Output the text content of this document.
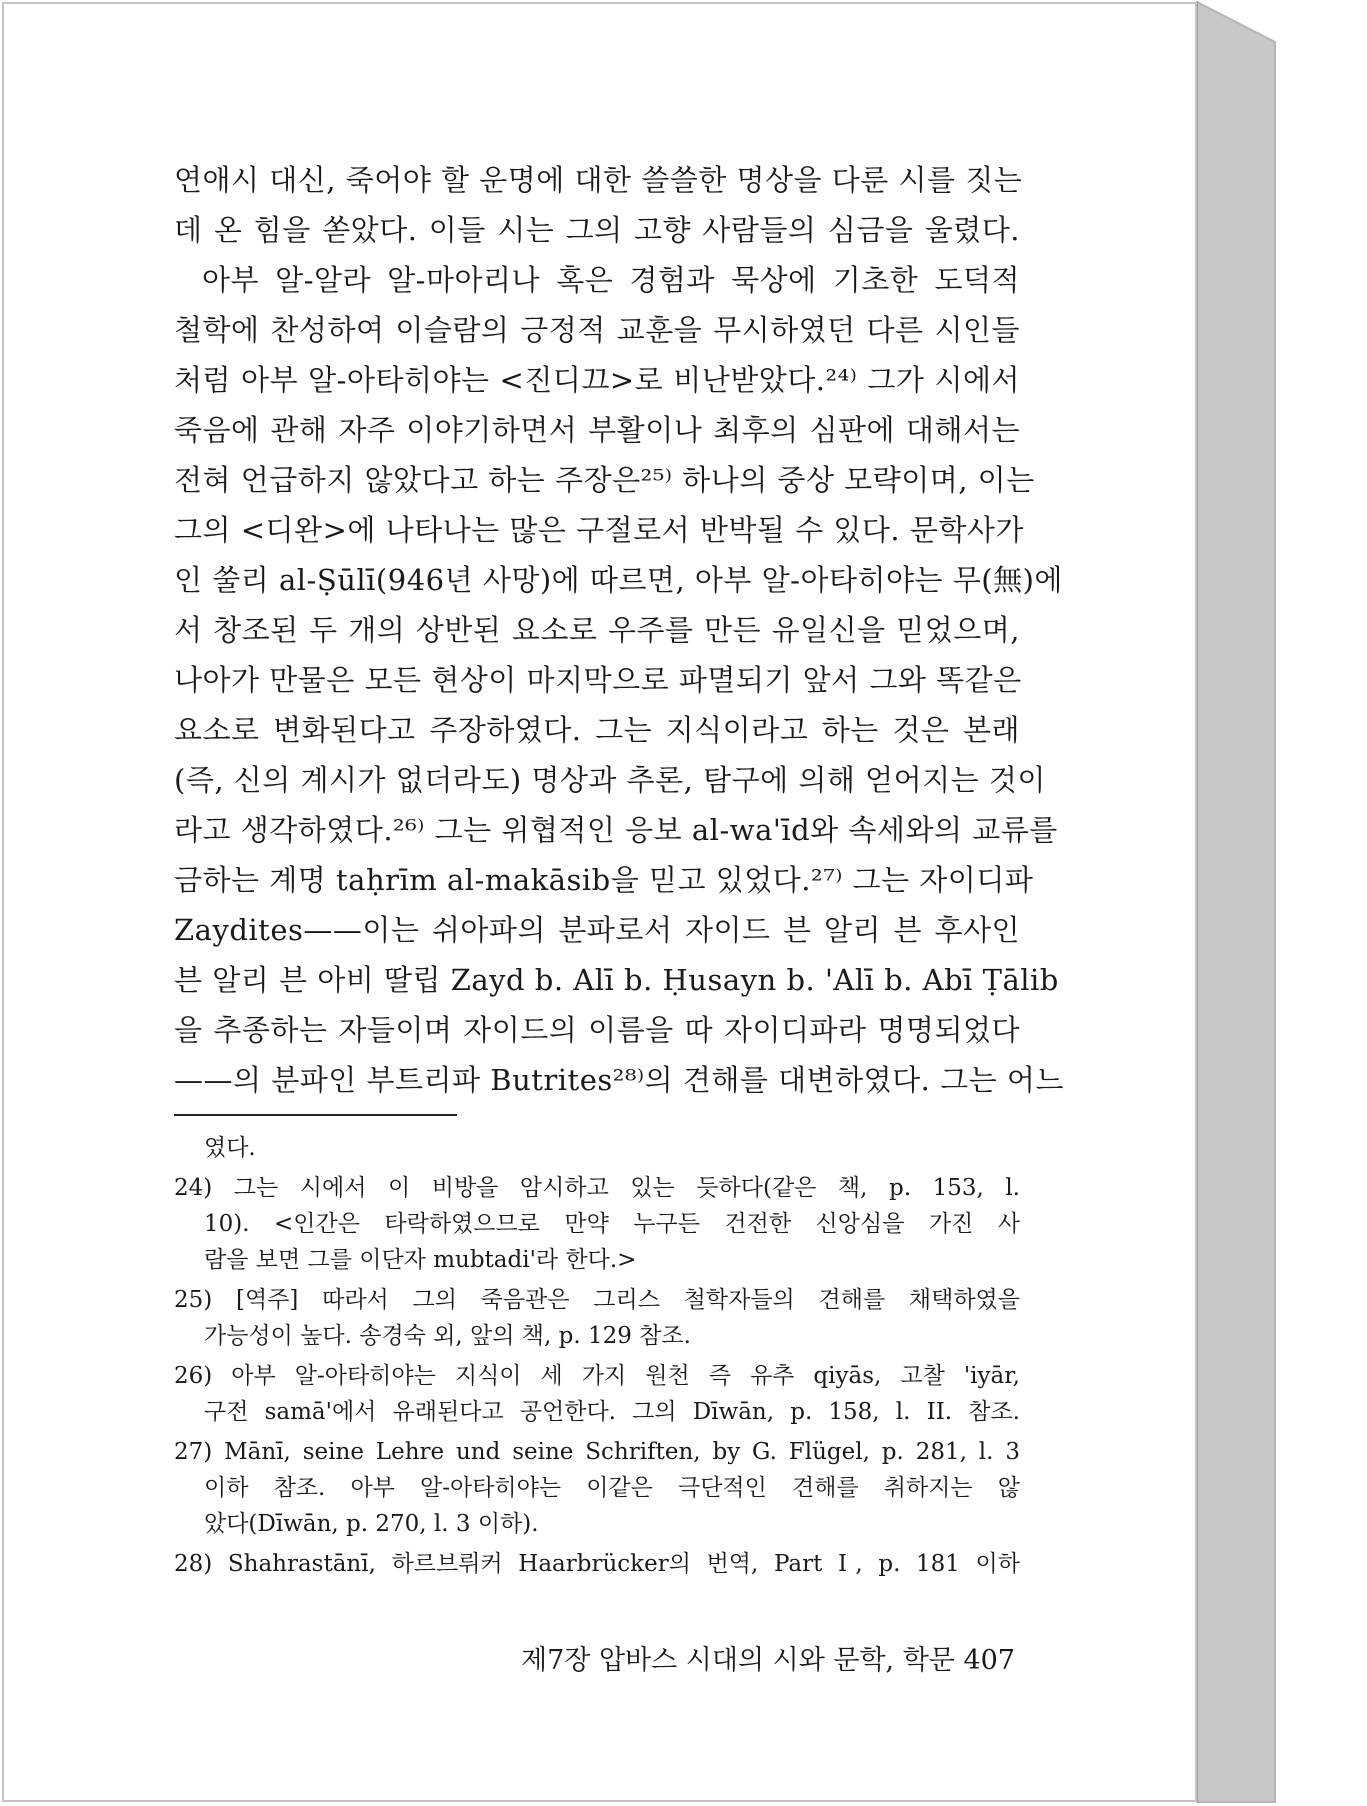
연애시 대신, 죽어야 할 운명에 대한 쓸쓸한 명상을 다룬 시를 짓는
데 온 힘을 쏟았다. 이들 시는 그의 고향 사람들의 심금을 울렸다.
아부 알-알라 알-마아리나 혹은 경험과 묵상에 기초한 도덕적
철학에 찬성하여 이슬람의 긍정적 교훈을 무시하였던 다른 시인들
처럼 아부 알-아타히야는 <진디끄>로 비난받았다.²⁴⁾ 그가 시에서
죽음에 관해 자주 이야기하면서 부활이나 최후의 심판에 대해서는
전혀 언급하지 않았다고 하는 주장은²⁵⁾ 하나의 중상 모략이며, 이는
그의 <디완>에 나타나는 많은 구절로서 반박될 수 있다. 문학사가
인 쑬리 al-Ṣūlī(946년 사망)에 따르면, 아부 알-아타히야는 무(無)에
서 창조된 두 개의 상반된 요소로 우주를 만든 유일신을 믿었으며,
나아가 만물은 모든 현상이 마지막으로 파멸되기 앞서 그와 똑같은
요소로 변화된다고 주장하였다. 그는 지식이라고 하는 것은 본래
(즉, 신의 계시가 없더라도) 명상과 추론, 탐구에 의해 얻어지는 것이
라고 생각하였다.²⁶⁾ 그는 위협적인 응보 al-wa'īd와 속세와의 교류를
금하는 계명 taḥrīm al-makāsib을 믿고 있었다.²⁷⁾ 그는 자이디파
Zaydites——이는 쉬아파의 분파로서 자이드 븐 알리 븐 후사인
븐 알리 븐 아비 딸립 Zayd b. Alī b. Ḥusayn b. 'Alī b. Abī Ṭālib
을 추종하는 자들이며 자이드의 이름을 따 자이디파라 명명되었다
——의 분파인 부트리파 Butrites²⁸⁾의 견해를 대변하였다. 그는 어느
였다.
24) 그는 시에서 이 비방을 암시하고 있는 듯하다(같은 책, p. 153, l.
10). <인간은 타락하였으므로 만약 누구든 건전한 신앙심을 가진 사
람을 보면 그를 이단자 mubtadi'라 한다.>
25) [역주] 따라서 그의 죽음관은 그리스 철학자들의 견해를 채택하였을
가능성이 높다. 송경숙 외, 앞의 책, p. 129 참조.
26) 아부 알-아타히야는 지식이 세 가지 원천 즉 유추 qiyās, 고찰 'iyār,
구전 samā'에서 유래된다고 공언한다. 그의 Dīwān, p. 158, l. II. 참조.
27) Mānī, seine Lehre und seine Schriften, by G. Flügel, p. 281, l. 3
이하 참조. 아부 알-아타히야는 이같은 극단적인 견해를 취하지는 않
았다(Dīwān, p. 270, l. 3 이하).
28) Shahrastānī, 하르브뤼커 Haarbrücker의 번역, Part Ⅰ, p. 181 이하
제7장 압바스 시대의 시와 문학, 학문 407
